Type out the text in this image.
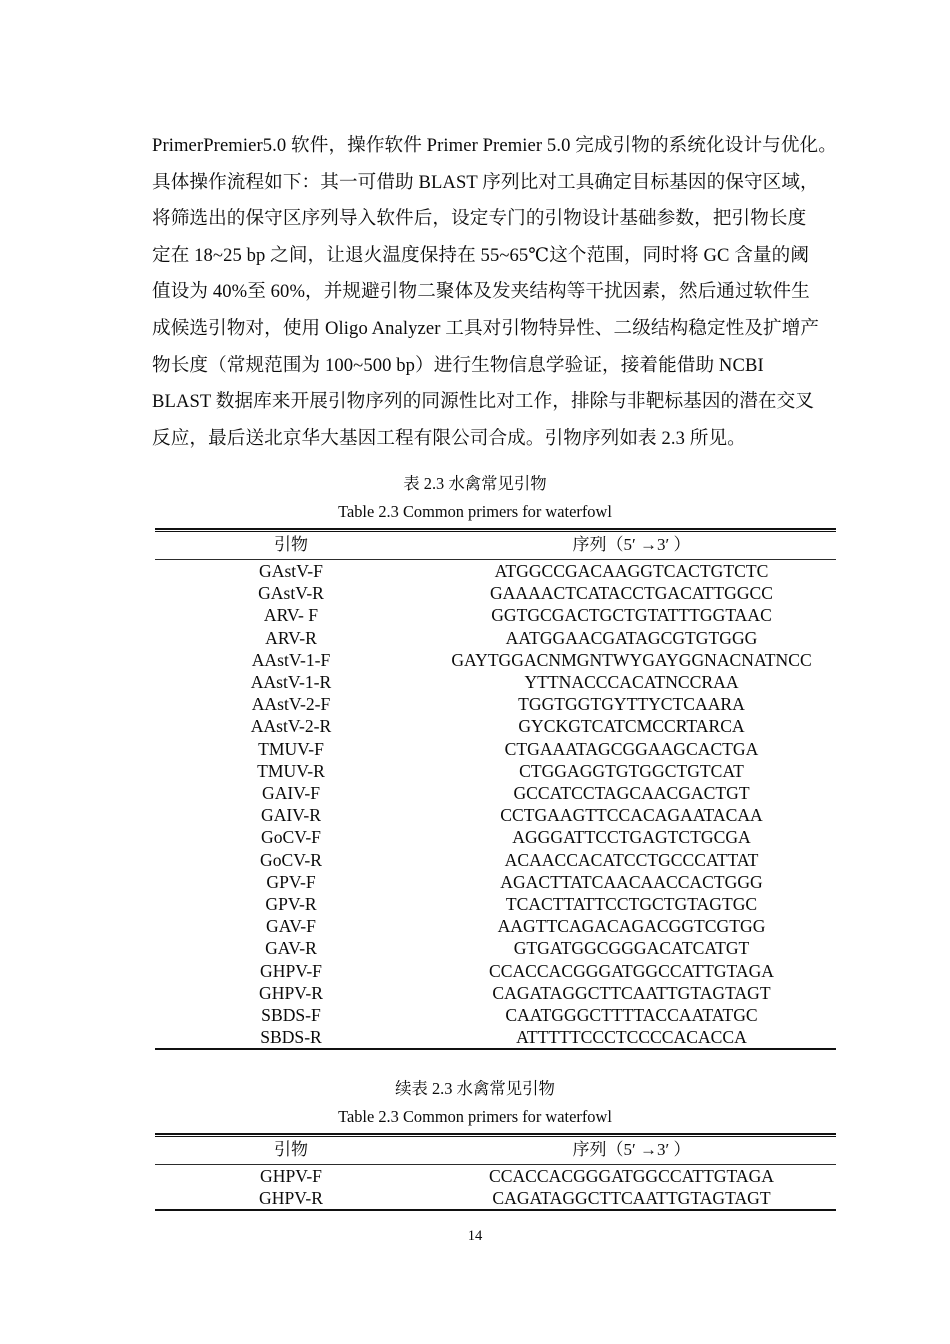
PrimerPremier5.0 软件，操作软件 Primer Premier 5.0 完成引物的系统化设计与优化。
具体操作流程如下：其一可借助 BLAST 序列比对工具确定目标基因的保守区域，
将筛选出的保守区序列导入软件后，设定专门的引物设计基础参数，把引物长度
定在 18~25 bp 之间，让退火温度保持在 55~65℃这个范围，同时将 GC 含量的阈
值设为 40%至 60%，并规避引物二聚体及发夹结构等干扰因素，然后通过软件生
成候选引物对，使用 Oligo Analyzer 工具对引物特异性、二级结构稳定性及扩增产
物长度（常规范围为 100~500 bp）进行生物信息学验证，接着能借助 NCBI
BLAST 数据库来开展引物序列的同源性比对工作，排除与非靶标基因的潜在交叉
反应，最后送北京华大基因工程有限公司合成。引物序列如表 2.3 所见。
表 2.3 水禽常见引物
Table 2.3 Common primers for waterfowl
引物	序列（5′ →3′ ）
GAstV-F	ATGGCCGACAAGGTCACTGTCTC
GAstV-R	GAAAACTCATACCTGACATTGGCC
ARV- F	GGTGCGACTGCTGTATTTGGTAAC
ARV-R	AATGGAACGATAGCGTGTGGG
AAstV-1-F	GAYTGGACNMGNTWYGAYGGNACNATNCC
AAstV-1-R	YTTNACCCACATNCCRAA
AAstV-2-F	TGGTGGTGYTTYCTCAARA
AAstV-2-R	GYCKGTCATCMCCRTARCA
TMUV-F	CTGAAATAGCGGAAGCACTGA
TMUV-R	CTGGAGGTGTGGCTGTCAT
GAIV-F	GCCATCCTAGCAACGACTGT
GAIV-R	CCTGAAGTTCCACAGAATACAA
GoCV-F	AGGGATTCCTGAGTCTGCGA
GoCV-R	ACAACCACATCCTGCCCATTAT
GPV-F	AGACTTATCAACAACCACTGGG
GPV-R	TCACTTATTCCTGCTGTAGTGC
GAV-F	AAGTTCAGACAGACGGTCGTGG
GAV-R	GTGATGGCGGGACATCATGT
GHPV-F	CCACCACGGGATGGCCATTGTAGA
GHPV-R	CAGATAGGCTTCAATTGTAGTAGT
SBDS-F	CAATGGGCTTTTACCAATATGC
SBDS-R	ATTTTTCCCTCCCCACACCA
续表 2.3 水禽常见引物
Table 2.3 Common primers for waterfowl
引物	序列（5′ →3′ ）
GHPV-F	CCACCACGGGATGGCCATTGTAGA
GHPV-R	CAGATAGGCTTCAATTGTAGTAGT
14
